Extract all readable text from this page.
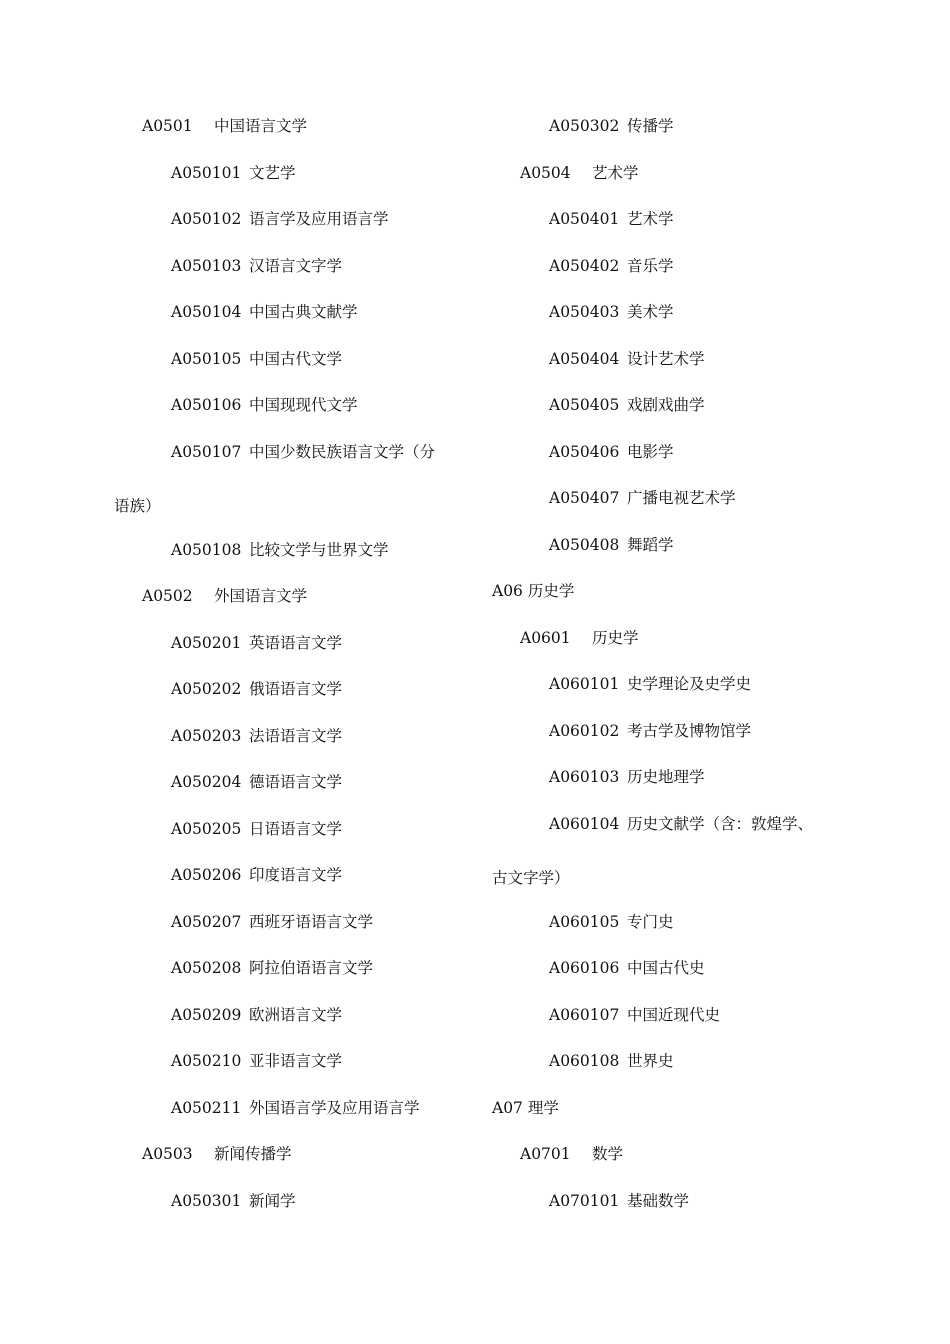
A0501 中国语言文学
A050101 文艺学
A050102 语言学及应用语言学
A050103 汉语言文字学
A050104 中国古典文献学
A050105 中国古代文学
A050106 中国现现代文学
A050107 中国少数民族语言文学（分
语族）
A050108 比较文学与世界文学
A0502 外国语言文学
A050201 英语语言文学
A050202 俄语语言文学
A050203 法语语言文学
A050204 德语语言文学
A050205 日语语言文学
A050206 印度语言文学
A050207 西班牙语语言文学
A050208 阿拉伯语语言文学
A050209 欧洲语言文学
A050210 亚非语言文学
A050211 外国语言学及应用语言学
A0503 新闻传播学
A050301 新闻学
A050302 传播学
A0504 艺术学
A050401 艺术学
A050402 音乐学
A050403 美术学
A050404 设计艺术学
A050405 戏剧戏曲学
A050406 电影学
A050407 广播电视艺术学
A050408 舞蹈学
A06 历史学
A0601 历史学
A060101 史学理论及史学史
A060102 考古学及博物馆学
A060103 历史地理学
A060104 历史文献学（含：敦煌学、
古文字学）
A060105 专门史
A060106 中国古代史
A060107 中国近现代史
A060108 世界史
A07 理学
A0701 数学
A070101 基础数学
